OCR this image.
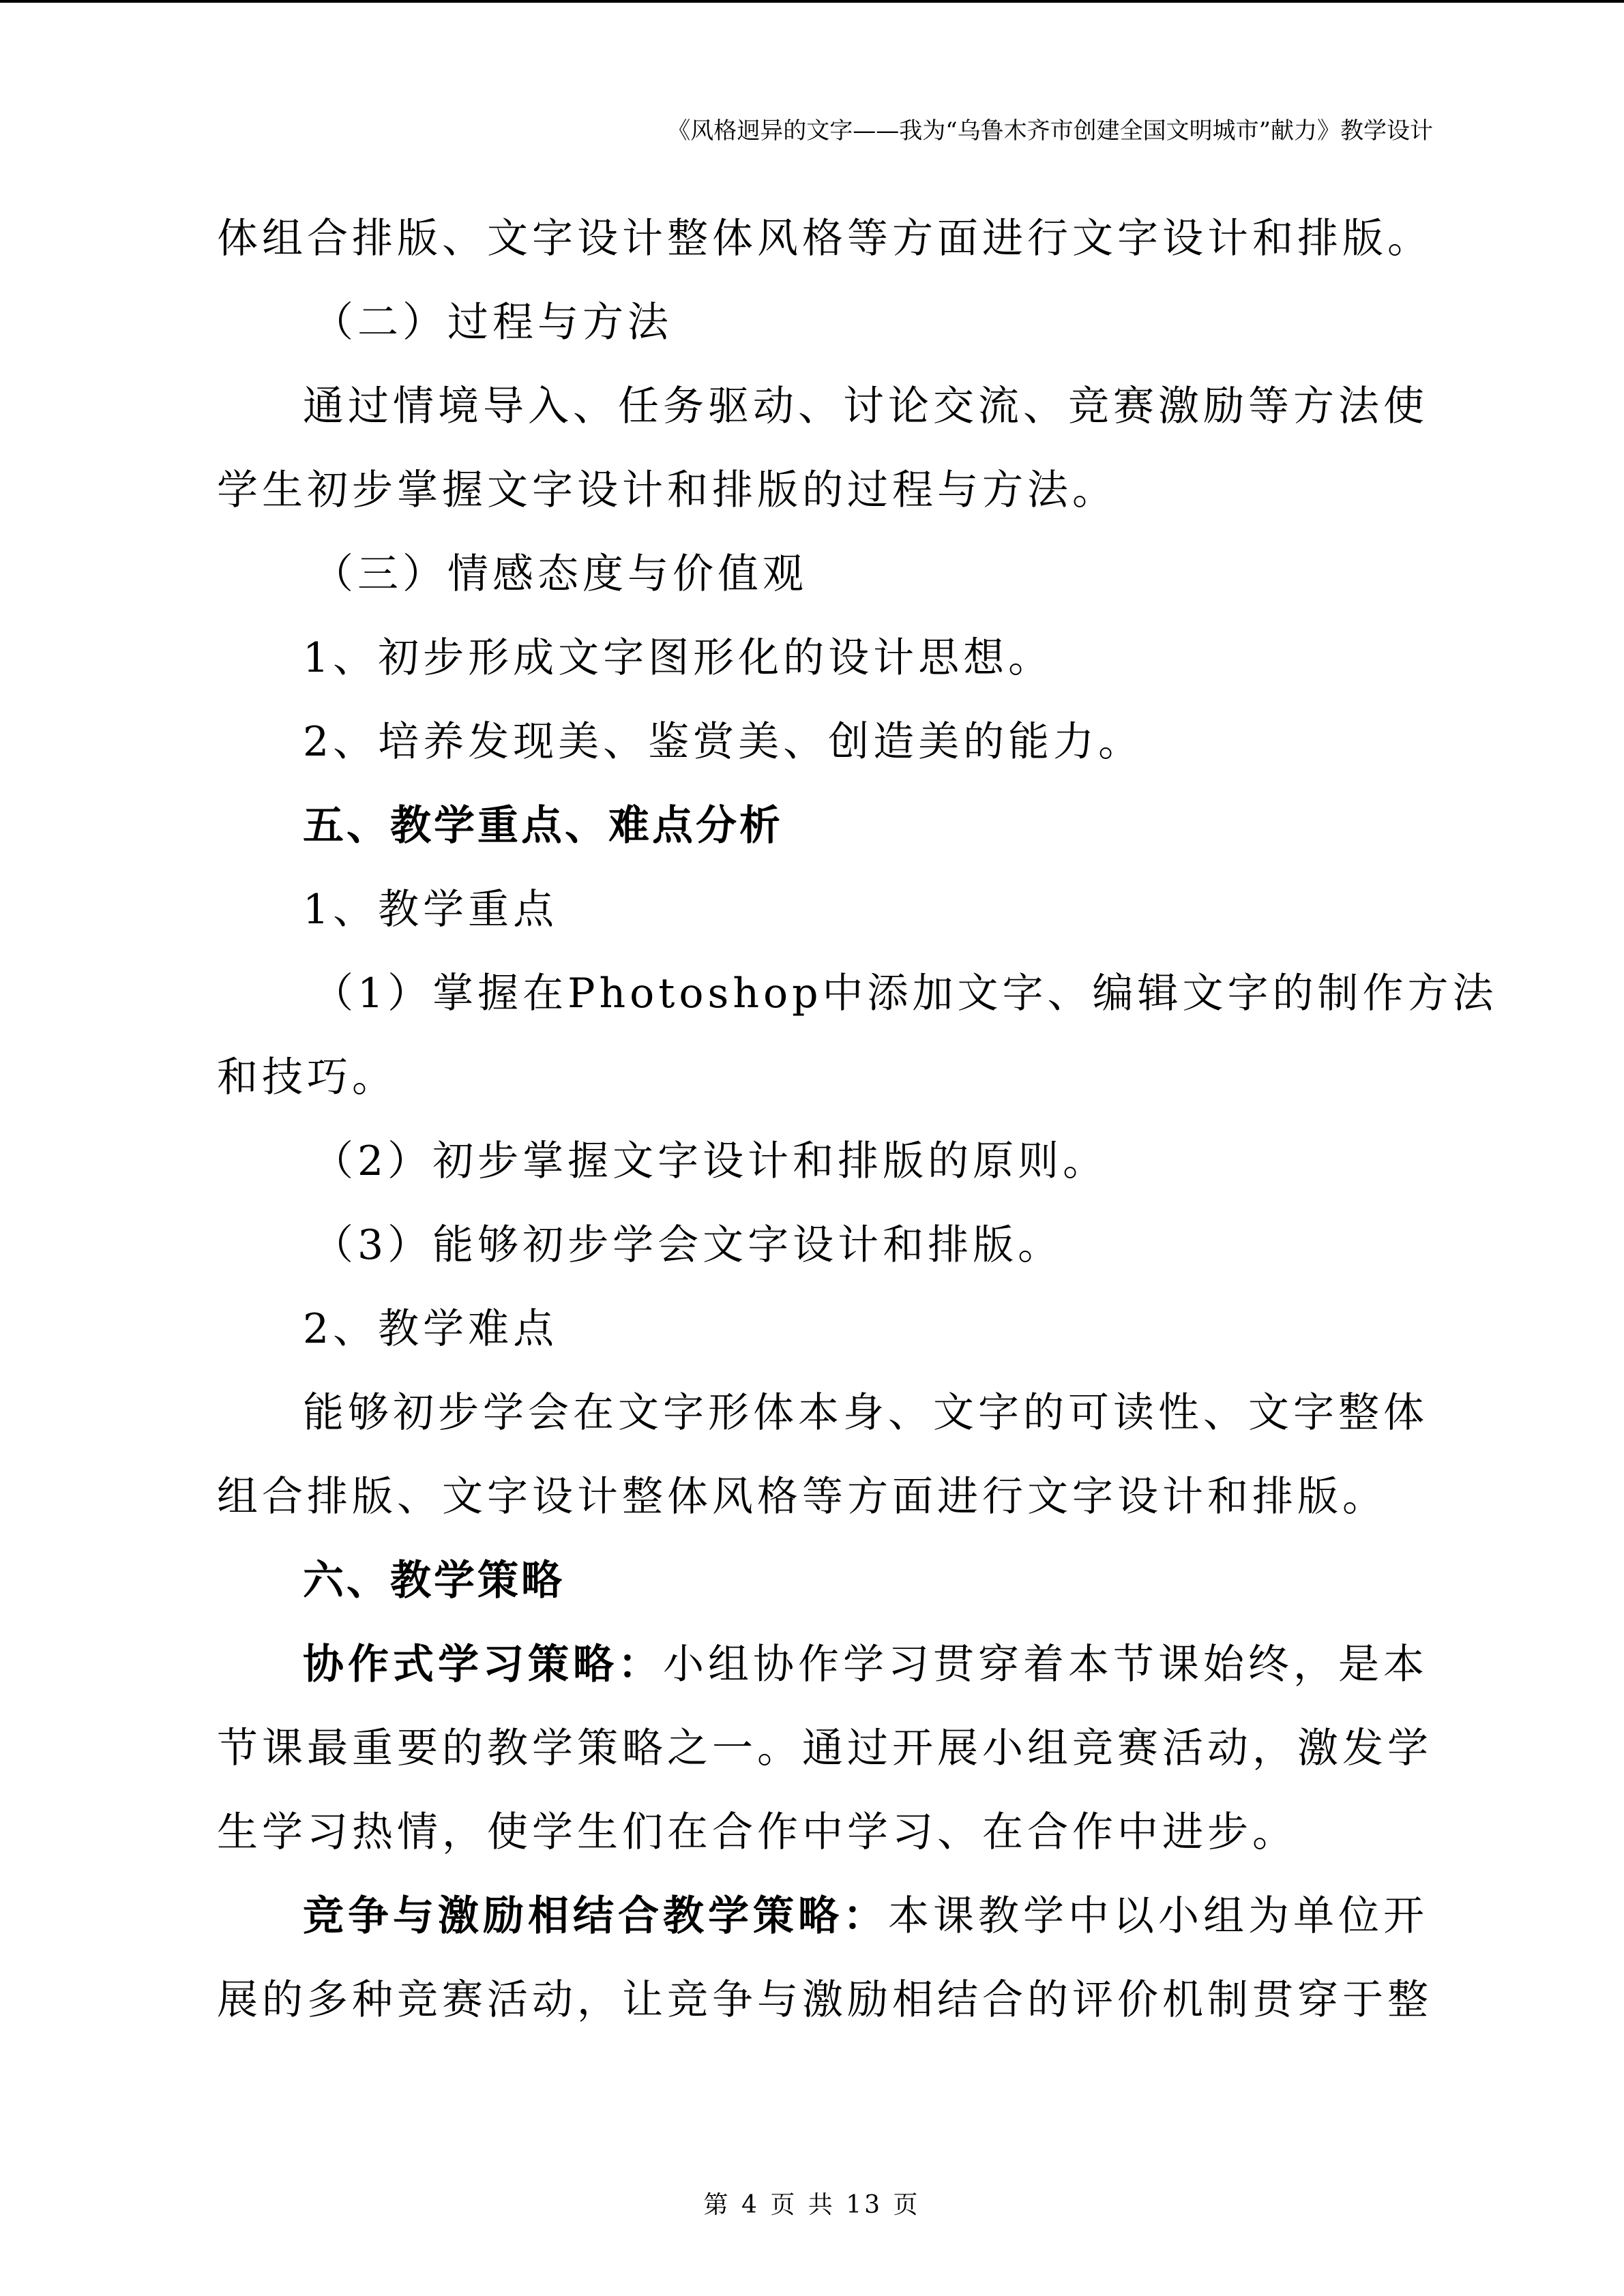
《风格迥异的文字——我为“乌鲁木齐市创建全国文明城市”献力》教学设计
体组合排版、文字设计整体风格等方面进行文字设计和排版。
（二）过程与方法
通过情境导入、任务驱动、讨论交流、竞赛激励等方法使
学生初步掌握文字设计和排版的过程与方法。
（三）情感态度与价值观
1、初步形成文字图形化的设计思想。
2、培养发现美、鉴赏美、创造美的能力。
五、教学重点、难点分析
1、教学重点
（1）掌握在Photoshop中添加文字、编辑文字的制作方法
和技巧。
（2）初步掌握文字设计和排版的原则。
（3）能够初步学会文字设计和排版。
2、教学难点
能够初步学会在文字形体本身、文字的可读性、文字整体
组合排版、文字设计整体风格等方面进行文字设计和排版。
六、教学策略
协作式学习策略：小组协作学习贯穿着本节课始终，是本
节课最重要的教学策略之一。通过开展小组竞赛活动，激发学
生学习热情，使学生们在合作中学习、在合作中进步。
竞争与激励相结合教学策略：本课教学中以小组为单位开
展的多种竞赛活动，让竞争与激励相结合的评价机制贯穿于整
第 4 页 共 13 页
